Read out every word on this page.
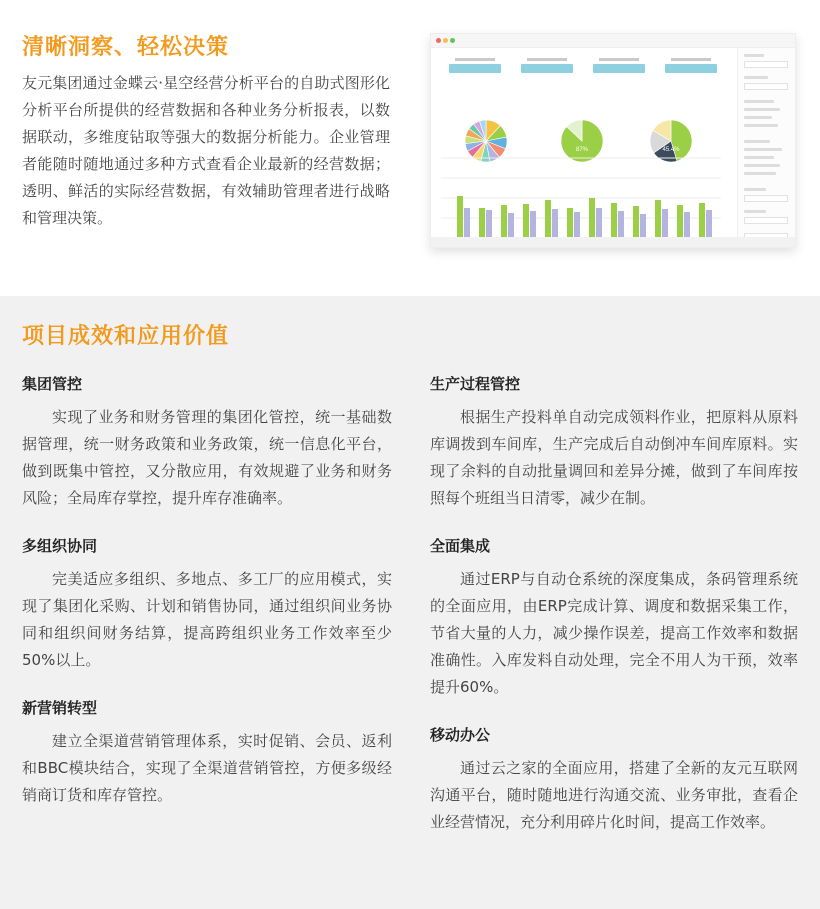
清晰洞察、轻松决策
友元集团通过金蝶云·星空经营分析平台的自助式图形化分析平台所提供的经营数据和各种业务分析报表，以数据联动，多维度钻取等强大的数据分析能力。企业管理者能随时随地通过多种方式查看企业最新的经营数据；透明、鲜活的实际经营数据，有效辅助管理者进行战略和管理决策。
87%	45.4%
项目成效和应用价值
集团管控

实现了业务和财务管理的集团化管控，统一基础数据管理，统一财务政策和业务政策，统一信息化平台，做到既集中管控，又分散应用，有效规避了业务和财务风险；全局库存掌控，提升库存准确率。

多组织协同

完美适应多组织、多地点、多工厂的应用模式，实现了集团化采购、计划和销售协同，通过组织间业务协同和组织间财务结算，提高跨组织业务工作效率至少50%以上。

新营销转型

建立全渠道营销管理体系，实时促销、会员、返利和BBC模块结合，实现了全渠道营销管控，方便多级经销商订货和库存管控。

生产过程管控

根据生产投料单自动完成领料作业，把原料从原料库调拨到车间库，生产完成后自动倒冲车间库原料。实现了余料的自动批量调回和差异分摊，做到了车间库按照每个班组当日清零，减少在制。

全面集成

通过ERP与自动仓系统的深度集成，条码管理系统的全面应用，由ERP完成计算、调度和数据采集工作，节省大量的人力，减少操作误差，提高工作效率和数据准确性。入库发料自动处理，完全不用人为干预，效率提升60%。

移动办公

通过云之家的全面应用，搭建了全新的友元互联网沟通平台，随时随地进行沟通交流、业务审批，查看企业经营情况，充分利用碎片化时间，提高工作效率。
